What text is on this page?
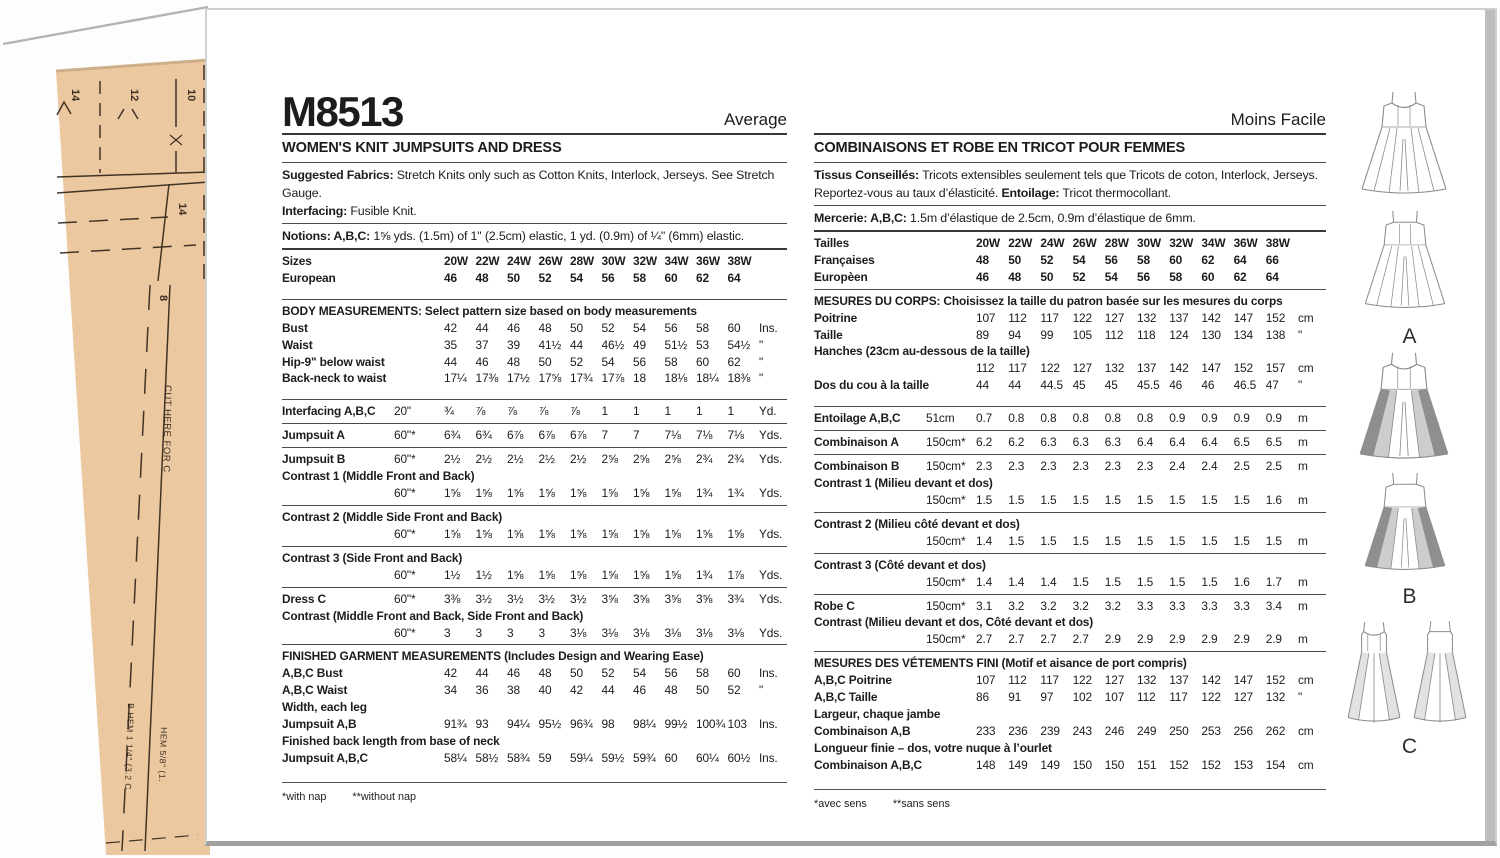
14	12	10
14
8
CUT HERE FOR C
B HEM 1 1/4" (3.2 C HEM 5/8" (1.
M8513	Average
WOMEN'S KNIT JUMPSUITS AND DRESS
Suggested Fabrics: Stretch Knits only such as Cotton Knits, Interlock, Jerseys. See Stretch Gauge.
Interfacing: Fusible Knit.
Notions: A,B,C: 1⅝ yds. (1.5m) of 1" (2.5cm) elastic, 1 yd. (0.9m) of ¼" (6mm) elastic.
Sizes	20W 22W 24W 26W 28W 30W 32W 34W 36W 38W
European	46	48	50	52	54	56	58	60	62	64
BODY MEASUREMENTS: Select pattern size based on body measurements
Bust	42	44	46	48	50	52	54	56	58	60	Ins.
Waist	35	37	39	41½ 44	46½ 49	51½ 53	54½ "
Hip-9" below waist	44	46	48	50	52	54	56	58	60	62	"
Back-neck to waist	17¼ 17⅜ 17½ 17⅝ 17¾ 17⅞ 18	18⅛ 18¼ 18⅜ "
Interfacing A,B,C	20"	¾	⅞	⅞	⅞	⅞	1	1	1	1	1	Yd.
Jumpsuit A	60"*	6¾	6¾	6⅞	6⅞	6⅞	7	7	7⅛	7⅛	7⅛	Yds.
Jumpsuit B	60"*	2½	2½	2½	2½	2½	2⅝	2⅝	2⅝	2¾	2¾	Yds.
Contrast 1 (Middle Front and Back)
60"*	1⅝	1⅝	1⅝	1⅝	1⅝	1⅝	1⅝	1⅝	1¾	1¾	Yds.
Contrast 2 (Middle Side Front and Back)
60"*	1⅝	1⅝	1⅝	1⅝	1⅝	1⅝	1⅝	1⅝	1⅝	1⅝	Yds.
Contrast 3 (Side Front and Back)
60"*	1½	1½	1⅝	1⅝	1⅝	1⅝	1⅝	1⅝	1¾	1⅞	Yds.
Dress C	60"*	3⅜	3½	3½	3½	3½	3⅝	3⅝	3⅝	3⅝	3¾	Yds.
Contrast (Middle Front and Back, Side Front and Back)
60"*	3	3	3	3	3⅛	3⅛	3⅛	3⅛	3⅛	3⅛	Yds.
FINISHED GARMENT MEASUREMENTS (Includes Design and Wearing Ease)
A,B,C Bust	42	44	46	48	50	52	54	56	58	60	Ins.
A,B,C Waist	34	36	38	40	42	44	46	48	50	52	"
Width, each leg
Jumpsuit A,B	91¾ 93	94¼ 95½ 96¾ 98	98¼ 99½ 100¾ 103	Ins.
Finished back length from base of neck
Jumpsuit A,B,C	58¼ 58½ 58¾ 59	59¼ 59½ 59¾ 60	60¼ 60½ Ins.
*with nap **without nap
Moins Facile
COMBINAISONS ET ROBE EN TRICOT POUR FEMMES
Tissus Conseillés: Tricots extensibles seulement tels que Tricots de coton, Interlock, Jerseys.
Reportez-vous au taux d’élasticité. Entoilage: Tricot thermocollant.
Mercerie: A,B,C: 1.5m d’élastique de 2.5cm, 0.9m d’élastique de 6mm.
Tailles	20W 22W 24W 26W 28W 30W 32W 34W 36W 38W
Françaises	48	50	52	54	56	58	60	62	64	66
Europèen	46	48	50	52	54	56	58	60	62	64
MESURES DU CORPS: Choisissez la taille du patron basée sur les mesures du corps
Poitrine	107	112	117	122	127	132	137	142	147	152	cm
Taille	89	94	99	105	112	118	124	130	134	138	"
Hanches (23cm au-dessous de la taille)
112	117	122	127	132	137	142	147	152	157	cm
Dos du cou à la taille	44	44	44.5 45	45	45.5 46	46	46.5 47	"
Entoilage A,B,C	51cm	0.7	0.8	0.8	0.8	0.8	0.8	0.9	0.9	0.9	0.9	m
Combinaison A	150cm* 6.2	6.2	6.3	6.3	6.3	6.4	6.4	6.4	6.5	6.5	m
Combinaison B	150cm* 2.3	2.3	2.3	2.3	2.3	2.3	2.4	2.4	2.5	2.5	m
Contrast 1 (Milieu devant et dos)
150cm* 1.5	1.5	1.5	1.5	1.5	1.5	1.5	1.5	1.5	1.6	m
Contrast 2 (Milieu côté devant et dos)
150cm* 1.4	1.5	1.5	1.5	1.5	1.5	1.5	1.5	1.5	1.5	m
Contrast 3 (Côté devant et dos)
150cm* 1.4	1.4	1.4	1.5	1.5	1.5	1.5	1.5	1.6	1.7	m
Robe C	150cm* 3.1	3.2	3.2	3.2	3.2	3.3	3.3	3.3	3.3	3.4	m
Contrast (Milieu devant et dos, Côté devant et dos)
150cm* 2.7	2.7	2.7	2.7	2.9	2.9	2.9	2.9	2.9	2.9	m
MESURES DES VÉTEMENTS FINI (Motif et aisance de port compris)
A,B,C Poitrine	107	112	117	122	127	132	137	142	147	152	cm
A,B,C Taille	86	91	97	102	107	112	117	122	127	132	"
Largeur, chaque jambe
Combinaison A,B	233	236	239	243	246	249	250	253	256	262	cm
Longueur finie – dos, votre nuque à l’ourlet
Combinaison A,B,C	148	149	149	150	150	151	152	152	153	154	cm
*avec sens **sans sens
A
B
C
